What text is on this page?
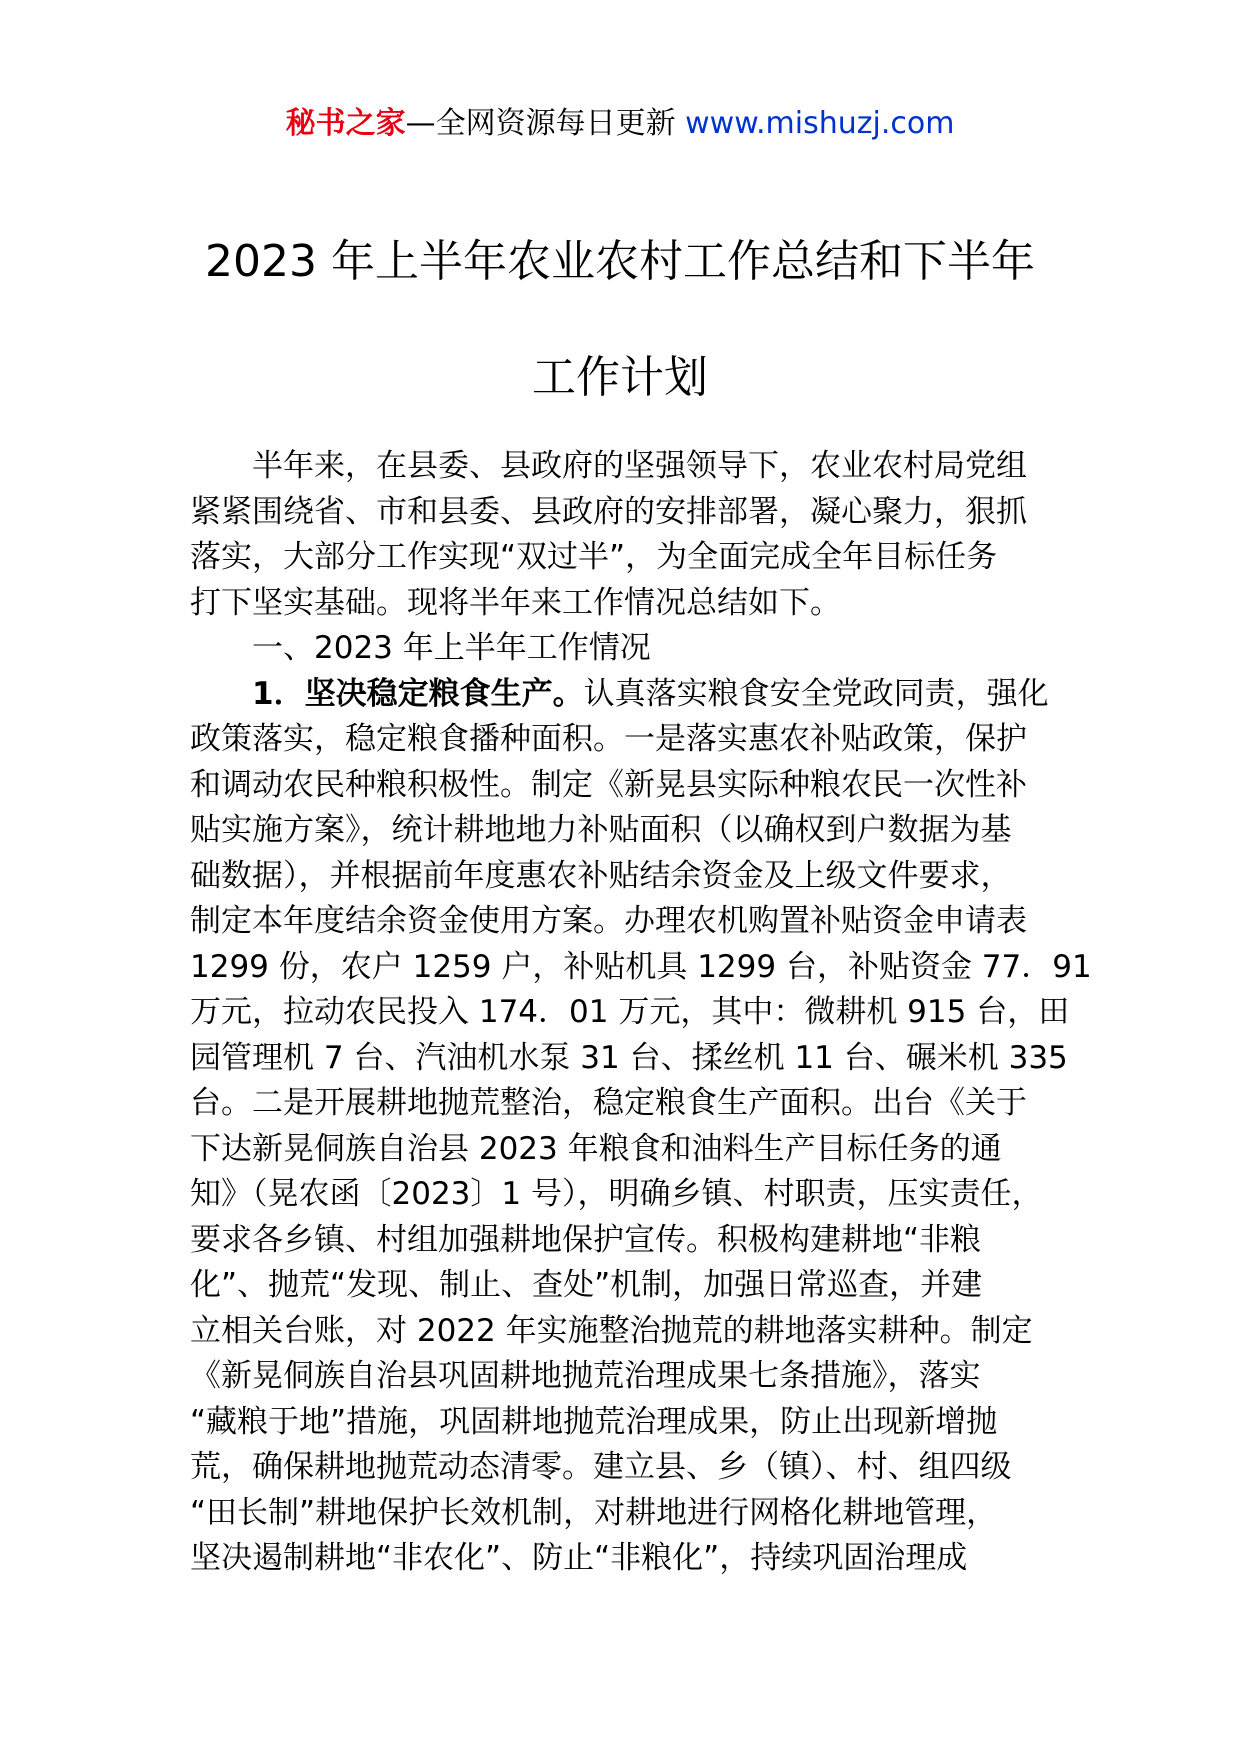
秘书之家—全网资源每日更新 www.mishuzj.com
2023 年上半年农业农村工作总结和下半年
工作计划
半年来，在县委、县政府的坚强领导下，农业农村局党组
紧紧围绕省、市和县委、县政府的安排部署，凝心聚力，狠抓
落实，大部分工作实现“双过半”，为全面完成全年目标任务
打下坚实基础。现将半年来工作情况总结如下。
一、2023 年上半年工作情况
1．坚决稳定粮食生产。认真落实粮食安全党政同责，强化
政策落实，稳定粮食播种面积。一是落实惠农补贴政策，保护
和调动农民种粮积极性。制定《新晃县实际种粮农民一次性补
贴实施方案》，统计耕地地力补贴面积（以确权到户数据为基
础数据），并根据前年度惠农补贴结余资金及上级文件要求，
制定本年度结余资金使用方案。办理农机购置补贴资金申请表
1299 份，农户 1259 户，补贴机具 1299 台，补贴资金 77．91
万元，拉动农民投入 174．01 万元，其中：微耕机 915 台，田
园管理机 7 台、汽油机水泵 31 台、揉丝机 11 台、碾米机 335
台。二是开展耕地抛荒整治，稳定粮食生产面积。出台《关于
下达新晃侗族自治县 2023 年粮食和油料生产目标任务的通
知》（晃农函〔2023〕1 号），明确乡镇、村职责，压实责任，
要求各乡镇、村组加强耕地保护宣传。积极构建耕地“非粮
化”、抛荒“发现、制止、查处”机制，加强日常巡查，并建
立相关台账，对 2022 年实施整治抛荒的耕地落实耕种。制定
《新晃侗族自治县巩固耕地抛荒治理成果七条措施》，落实
“藏粮于地”措施，巩固耕地抛荒治理成果，防止出现新增抛
荒，确保耕地抛荒动态清零。建立县、乡（镇）、村、组四级
“田长制”耕地保护长效机制，对耕地进行网格化耕地管理，
坚决遏制耕地“非农化”、防止“非粮化”，持续巩固治理成
